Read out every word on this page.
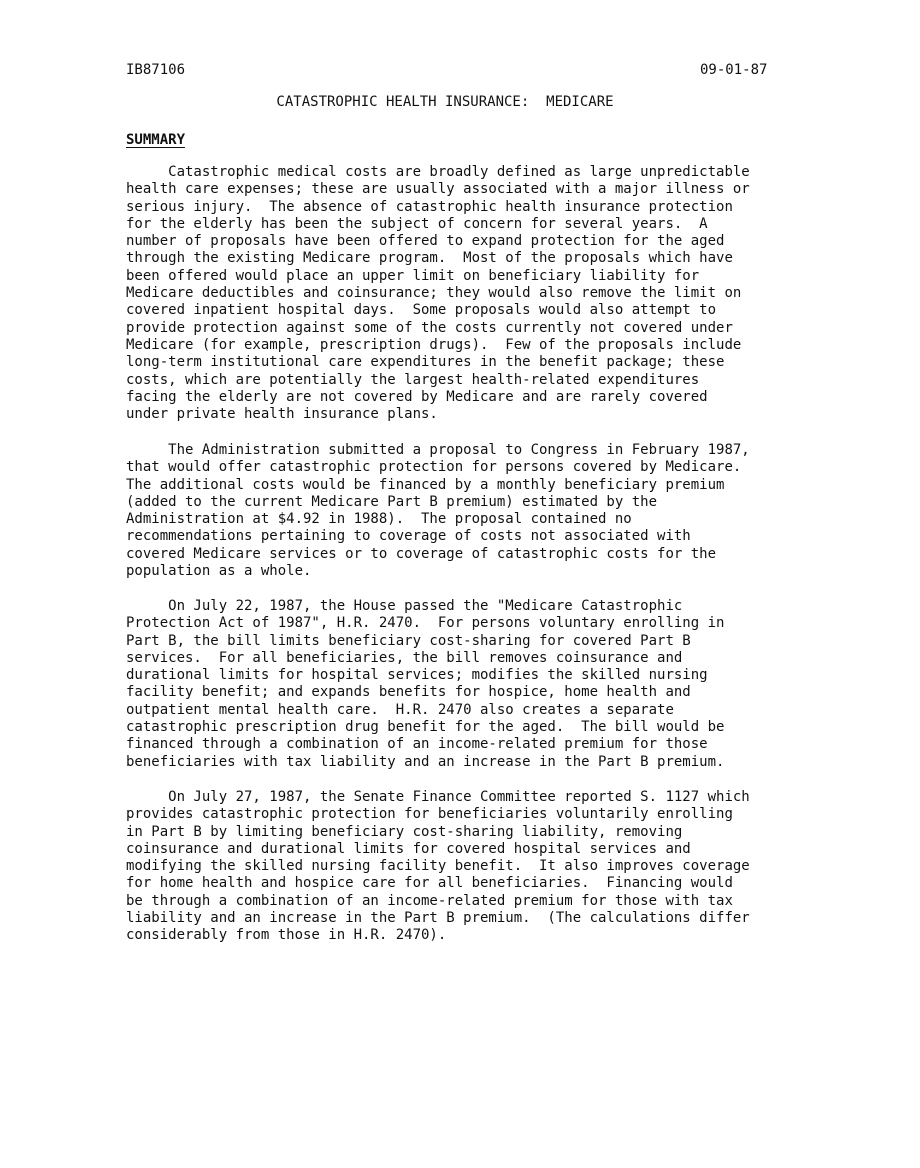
IB87106	09-01-87
CATASTROPHIC HEALTH INSURANCE:  MEDICARE
SUMMARY
Catastrophic medical costs are broadly defined as large unpredictable
health care expenses; these are usually associated with a major illness or
serious injury.  The absence of catastrophic health insurance protection
for the elderly has been the subject of concern for several years.  A
number of proposals have been offered to expand protection for the aged
through the existing Medicare program.  Most of the proposals which have
been offered would place an upper limit on beneficiary liability for
Medicare deductibles and coinsurance; they would also remove the limit on
covered inpatient hospital days.  Some proposals would also attempt to
provide protection against some of the costs currently not covered under
Medicare (for example, prescription drugs).  Few of the proposals include
long-term institutional care expenditures in the benefit package; these
costs, which are potentially the largest health-related expenditures
facing the elderly are not covered by Medicare and are rarely covered
under private health insurance plans.
The Administration submitted a proposal to Congress in February 1987,
that would offer catastrophic protection for persons covered by Medicare.
The additional costs would be financed by a monthly beneficiary premium
(added to the current Medicare Part B premium) estimated by the
Administration at $4.92 in 1988).  The proposal contained no
recommendations pertaining to coverage of costs not associated with
covered Medicare services or to coverage of catastrophic costs for the
population as a whole.
On July 22, 1987, the House passed the "Medicare Catastrophic
Protection Act of 1987", H.R. 2470.  For persons voluntary enrolling in
Part B, the bill limits beneficiary cost-sharing for covered Part B
services.  For all beneficiaries, the bill removes coinsurance and
durational limits for hospital services; modifies the skilled nursing
facility benefit; and expands benefits for hospice, home health and
outpatient mental health care.  H.R. 2470 also creates a separate
catastrophic prescription drug benefit for the aged.  The bill would be
financed through a combination of an income-related premium for those
beneficiaries with tax liability and an increase in the Part B premium.
On July 27, 1987, the Senate Finance Committee reported S. 1127 which
provides catastrophic protection for beneficiaries voluntarily enrolling
in Part B by limiting beneficiary cost-sharing liability, removing
coinsurance and durational limits for covered hospital services and
modifying the skilled nursing facility benefit.  It also improves coverage
for home health and hospice care for all beneficiaries.  Financing would
be through a combination of an income-related premium for those with tax
liability and an increase in the Part B premium.  (The calculations differ
considerably from those in H.R. 2470).
